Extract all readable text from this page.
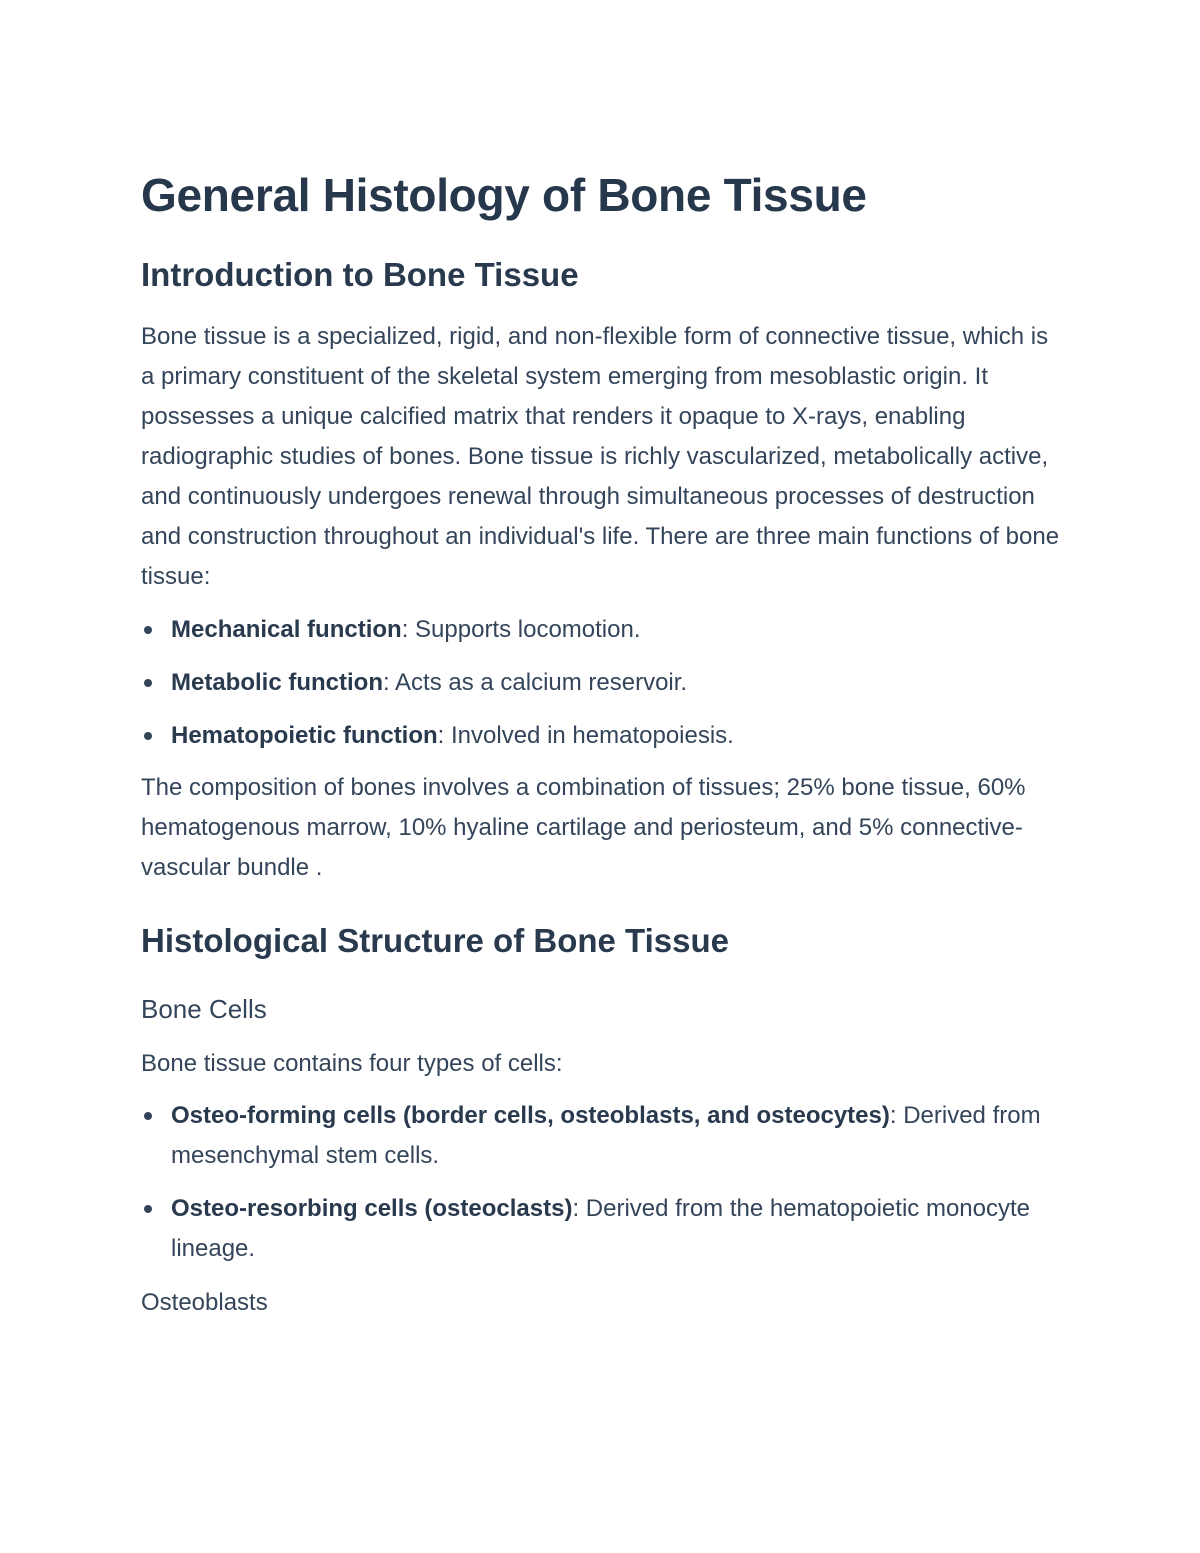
General Histology of Bone Tissue
Introduction to Bone Tissue

Bone tissue is a specialized, rigid, and non-flexible form of connective tissue, which is a primary constituent of the skeletal system emerging from mesoblastic origin. It possesses a unique calcified matrix that renders it opaque to X-rays, enabling radiographic studies of bones. Bone tissue is richly vascularized, metabolically active, and continuously undergoes renewal through simultaneous processes of destruction and construction throughout an individual's life. There are three main functions of bone tissue:

Mechanical function: Supports locomotion.
Metabolic function: Acts as a calcium reservoir.
Hematopoietic function: Involved in hematopoiesis.

The composition of bones involves a combination of tissues; 25% bone tissue, 60% hematogenous marrow, 10% hyaline cartilage and periosteum, and 5% connective-vascular bundle .

Histological Structure of Bone Tissue
Bone Cells

Bone tissue contains four types of cells:

Osteo-forming cells (border cells, osteoblasts, and osteocytes): Derived from mesenchymal stem cells.
Osteo-resorbing cells (osteoclasts): Derived from the hematopoietic monocyte lineage.
Osteoblasts
